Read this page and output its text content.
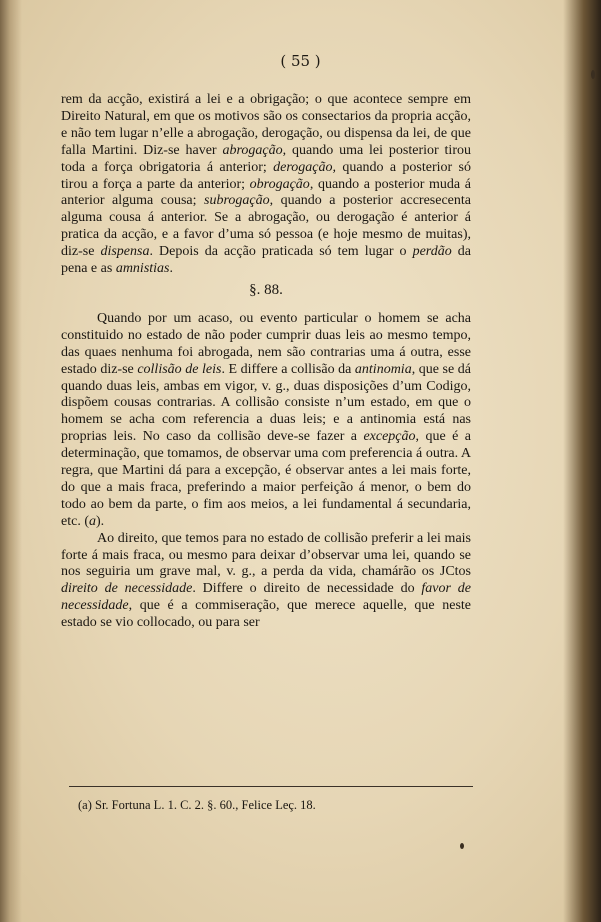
( 55 )

rem da acção, existirá a lei e a obrigação; o que acontece sempre em Direito Natural, em que os motivos são os consectarios da propria acção, e não tem lugar n’elle a abrogação, derogação, ou dispensa da lei, de que falla Martini. Diz-se haver abrogação, quando uma lei posterior tirou toda a força obrigatoria á anterior; derogação, quando a posterior só tirou a força a parte da anterior; obrogação, quando a posterior muda á anterior alguma cousa; subrogação, quando a posterior accresecenta alguma cousa á anterior. Se a abrogação, ou derogação é anterior á pratica da acção, e a favor d’uma só pessoa (e hoje mesmo de muitas), diz-se dispensa. Depois da acção praticada só tem lugar o perdão da pena e as amnistias.

§. 88.

Quando por um acaso, ou evento particular o homem se acha constituido no estado de não poder cumprir duas leis ao mesmo tempo, das quaes nenhuma foi abrogada, nem são contrarias uma á outra, esse estado diz-se collisão de leis. E differe a collisão da antinomia, que se dá quando duas leis, ambas em vigor, v. g., duas disposições d’um Codigo, dispõem cousas contrarias. A collisão consiste n’um estado, em que o homem se acha com referencia a duas leis; e a antinomia está nas proprias leis. No caso da collisão deve-se fazer a excepção, que é a determinação, que tomamos, de observar uma com preferencia á outra. A regra, que Martini dá para a excepção, é observar antes a lei mais forte, do que a mais fraca, preferindo a maior perfeição á menor, o bem do todo ao bem da parte, o fim aos meios, a lei fundamental á secundaria, etc. (a).

Ao direito, que temos para no estado de collisão preferir a lei mais forte á mais fraca, ou mesmo para deixar d’observar uma lei, quando se nos seguiria um grave mal, v. g., a perda da vida, chamárão os JCtos direito de necessidade. Differe o direito de necessidade do favor de necessidade, que é a commiseração, que merece aquelle, que neste estado se vio collocado, ou para ser

(a) Sr. Fortuna L. 1. C. 2. §. 60., Felice Leç. 18.
